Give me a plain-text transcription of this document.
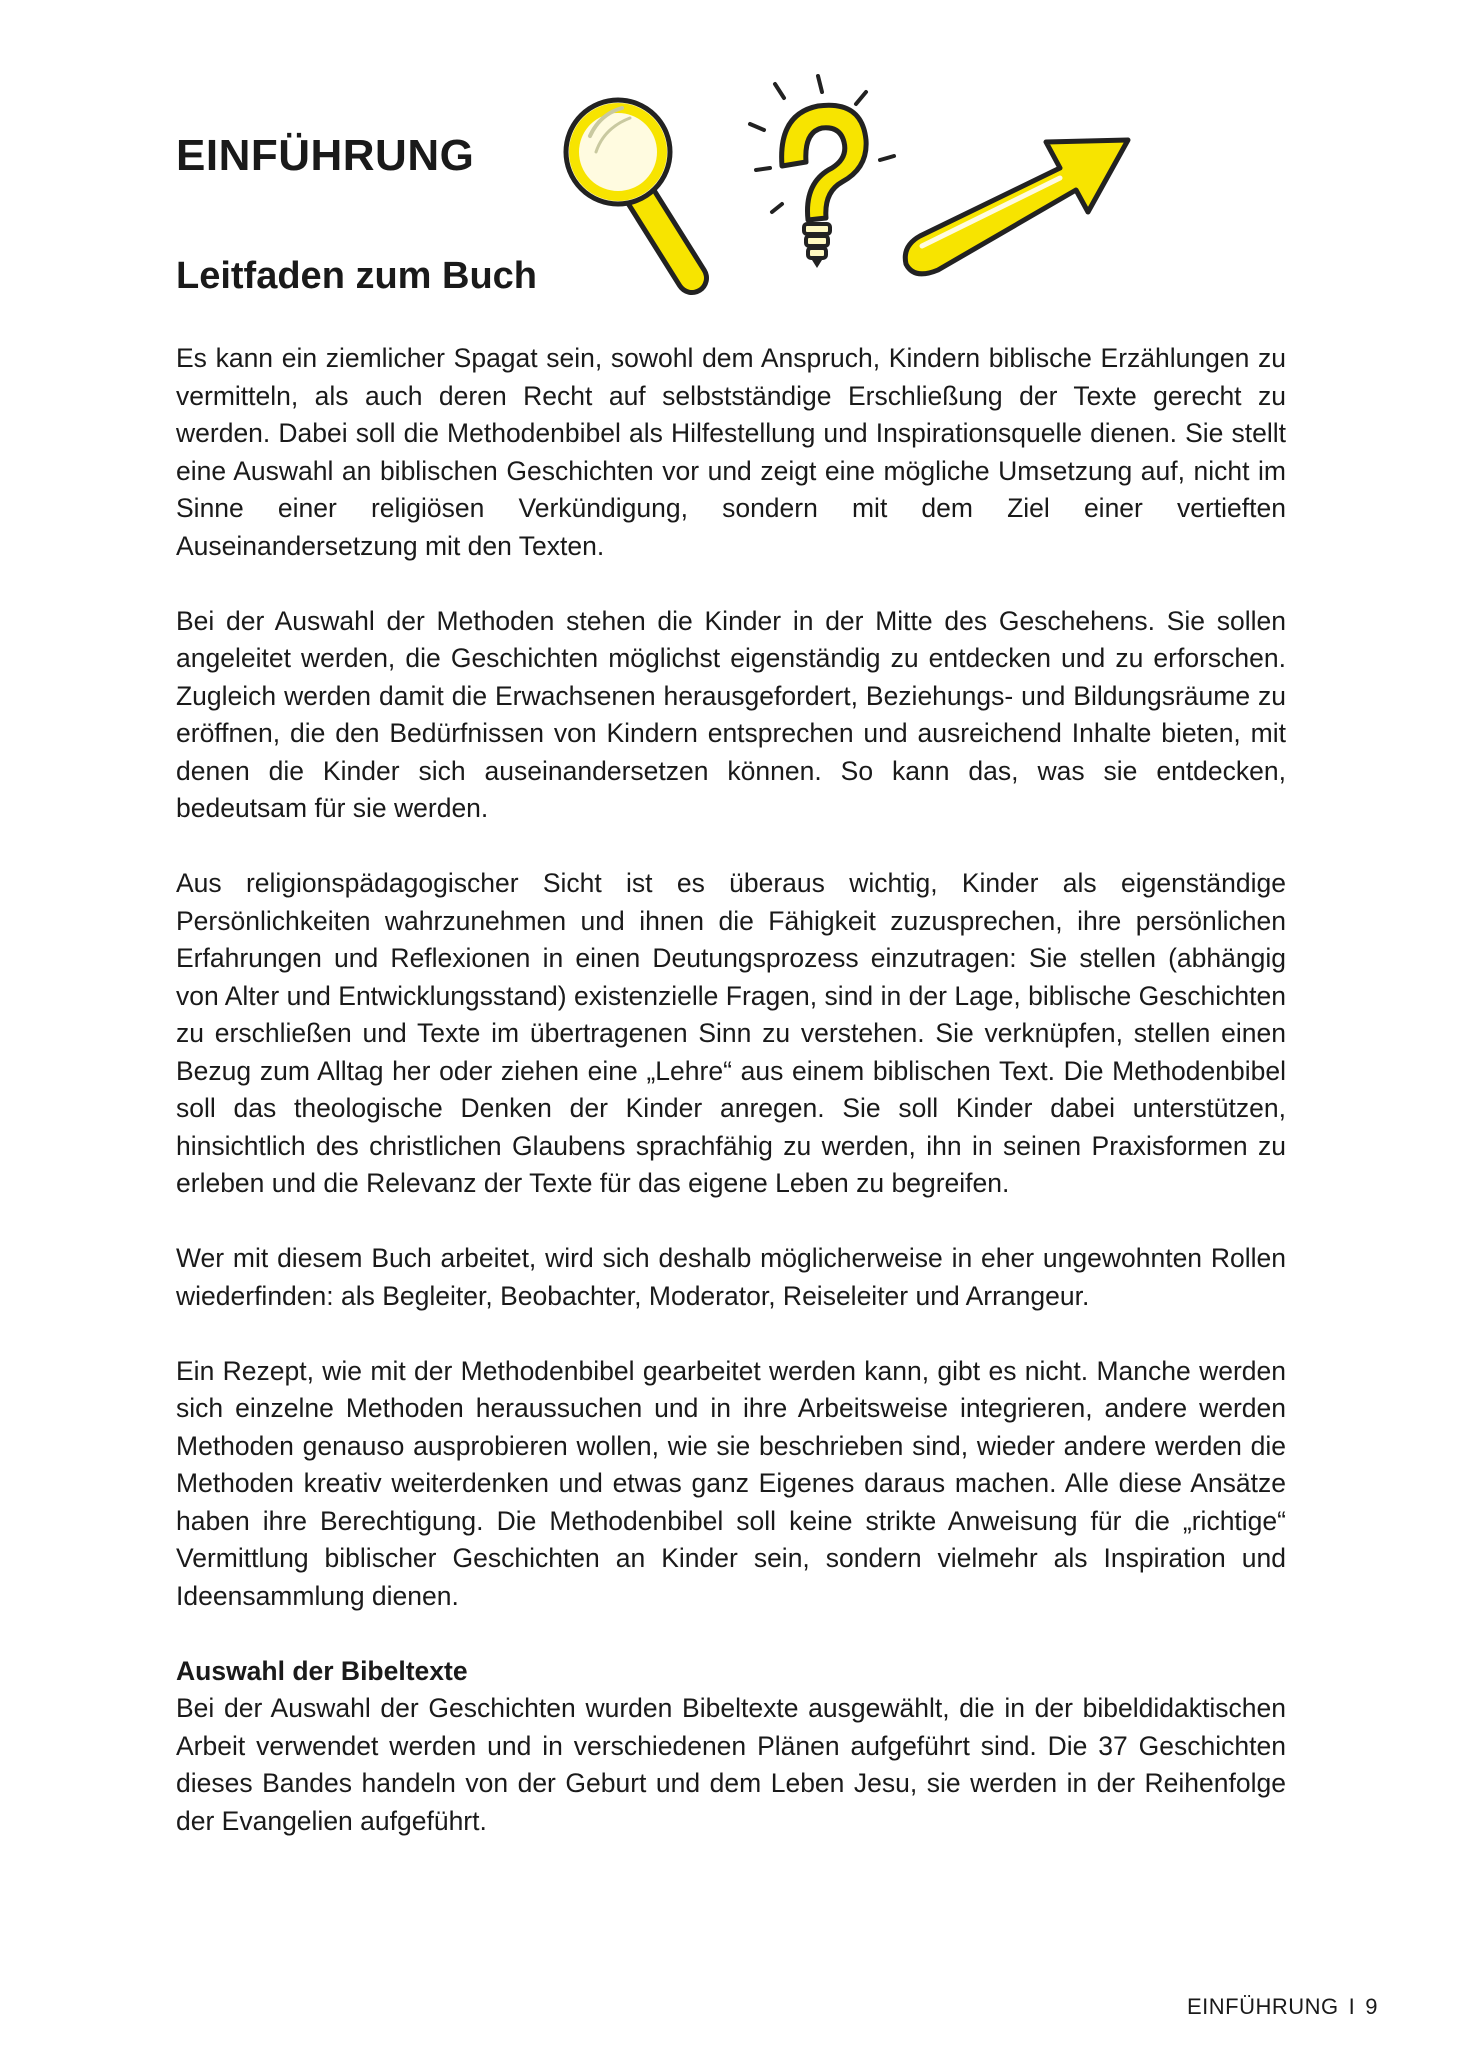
EINFÜHRUNG
Leitfaden zum Buch

Es kann ein ziemlicher Spagat sein, sowohl dem Anspruch, Kindern biblische Erzählungen zu vermitteln, als auch deren Recht auf selbstständige Erschließung der Texte gerecht zu werden. Dabei soll die Methodenbibel als Hilfestellung und Inspirationsquelle dienen. Sie stellt eine Auswahl an biblischen Geschichten vor und zeigt eine mögliche Umsetzung auf, nicht im Sinne einer religiösen Verkündigung, sondern mit dem Ziel einer vertieften Auseinandersetzung mit den Texten.

Bei der Auswahl der Methoden stehen die Kinder in der Mitte des Geschehens. Sie sollen angeleitet werden, die Geschichten möglichst eigenständig zu entdecken und zu erforschen. Zugleich werden damit die Erwachsenen herausgefordert, Beziehungs- und Bildungsräume zu eröffnen, die den Bedürfnissen von Kindern entsprechen und ausreichend Inhalte bieten, mit denen die Kinder sich auseinandersetzen können. So kann das, was sie entdecken, bedeutsam für sie werden.

Aus religionspädagogischer Sicht ist es überaus wichtig, Kinder als eigenständige Persönlichkeiten wahrzunehmen und ihnen die Fähigkeit zuzusprechen, ihre persönlichen Erfahrungen und Reflexionen in einen Deutungsprozess einzutragen: Sie stellen (abhängig von Alter und Entwicklungsstand) existenzielle Fragen, sind in der Lage, biblische Geschichten zu erschließen und Texte im übertragenen Sinn zu verstehen. Sie verknüpfen, stellen einen Bezug zum Alltag her oder ziehen eine „Lehre“ aus einem biblischen Text. Die Methodenbibel soll das theologische Denken der Kinder anregen. Sie soll Kinder dabei unterstützen, hinsichtlich des christlichen Glaubens sprachfähig zu werden, ihn in seinen Praxisformen zu erleben und die Relevanz der Texte für das eigene Leben zu begreifen.

Wer mit diesem Buch arbeitet, wird sich deshalb möglicherweise in eher ungewohnten Rollen wiederfinden: als Begleiter, Beobachter, Moderator, Reiseleiter und Arrangeur.

Ein Rezept, wie mit der Methodenbibel gearbeitet werden kann, gibt es nicht. Manche werden sich einzelne Methoden heraussuchen und in ihre Arbeitsweise integrieren, andere werden Methoden genauso ausprobieren wollen, wie sie beschrieben sind, wieder andere werden die Methoden kreativ weiterdenken und etwas ganz Eigenes daraus machen. Alle diese Ansätze haben ihre Berechtigung. Die Methodenbibel soll keine strikte Anweisung für die „richtige“ Vermittlung biblischer Geschichten an Kinder sein, sondern vielmehr als Inspiration und Ideensammlung dienen.

Auswahl der Bibeltexte

Bei der Auswahl der Geschichten wurden Bibeltexte ausgewählt, die in der bibeldidaktischen Arbeit verwendet werden und in verschiedenen Plänen aufgeführt sind. Die 37 Geschichten dieses Bandes handeln von der Geburt und dem Leben Jesu, sie werden in der Reihenfolge der Evangelien aufgeführt.

EINFÜHRUNG I 9
